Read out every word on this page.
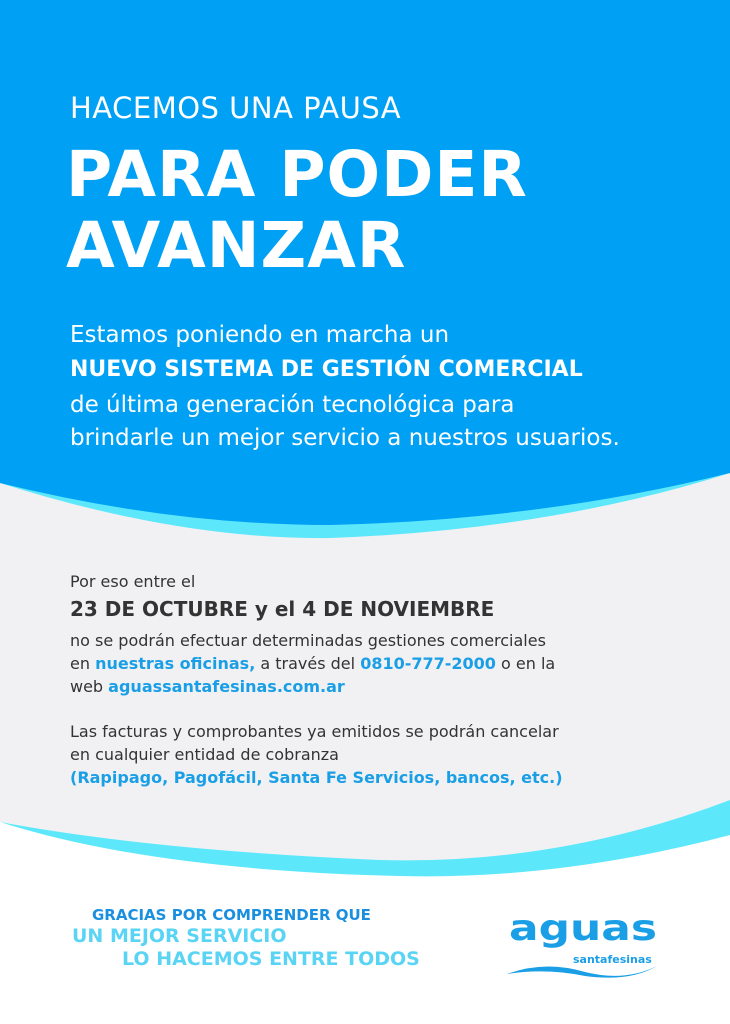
HACEMOS UNA PAUSA

PARA PODER

AVANZAR

Estamos poniendo en marcha un

NUEVO SISTEMA DE GESTIÓN COMERCIAL

de última generación tecnológica para

brindarle un mejor servicio a nuestros usuarios.

Por eso entre el

23 DE OCTUBRE y el 4 DE NOVIEMBRE

no se podrán efectuar determinadas gestiones comerciales

en nuestras oficinas, a través del 0810-777-2000 o en la

web aguassantafesinas.com.ar

Las facturas y comprobantes ya emitidos se podrán cancelar

en cualquier entidad de cobranza

(Rapipago, Pagofácil, Santa Fe Servicios, bancos, etc.)

GRACIAS POR COMPRENDER QUE

UN MEJOR SERVICIO

LO HACEMOS ENTRE TODOS

aguas
santafesinas
